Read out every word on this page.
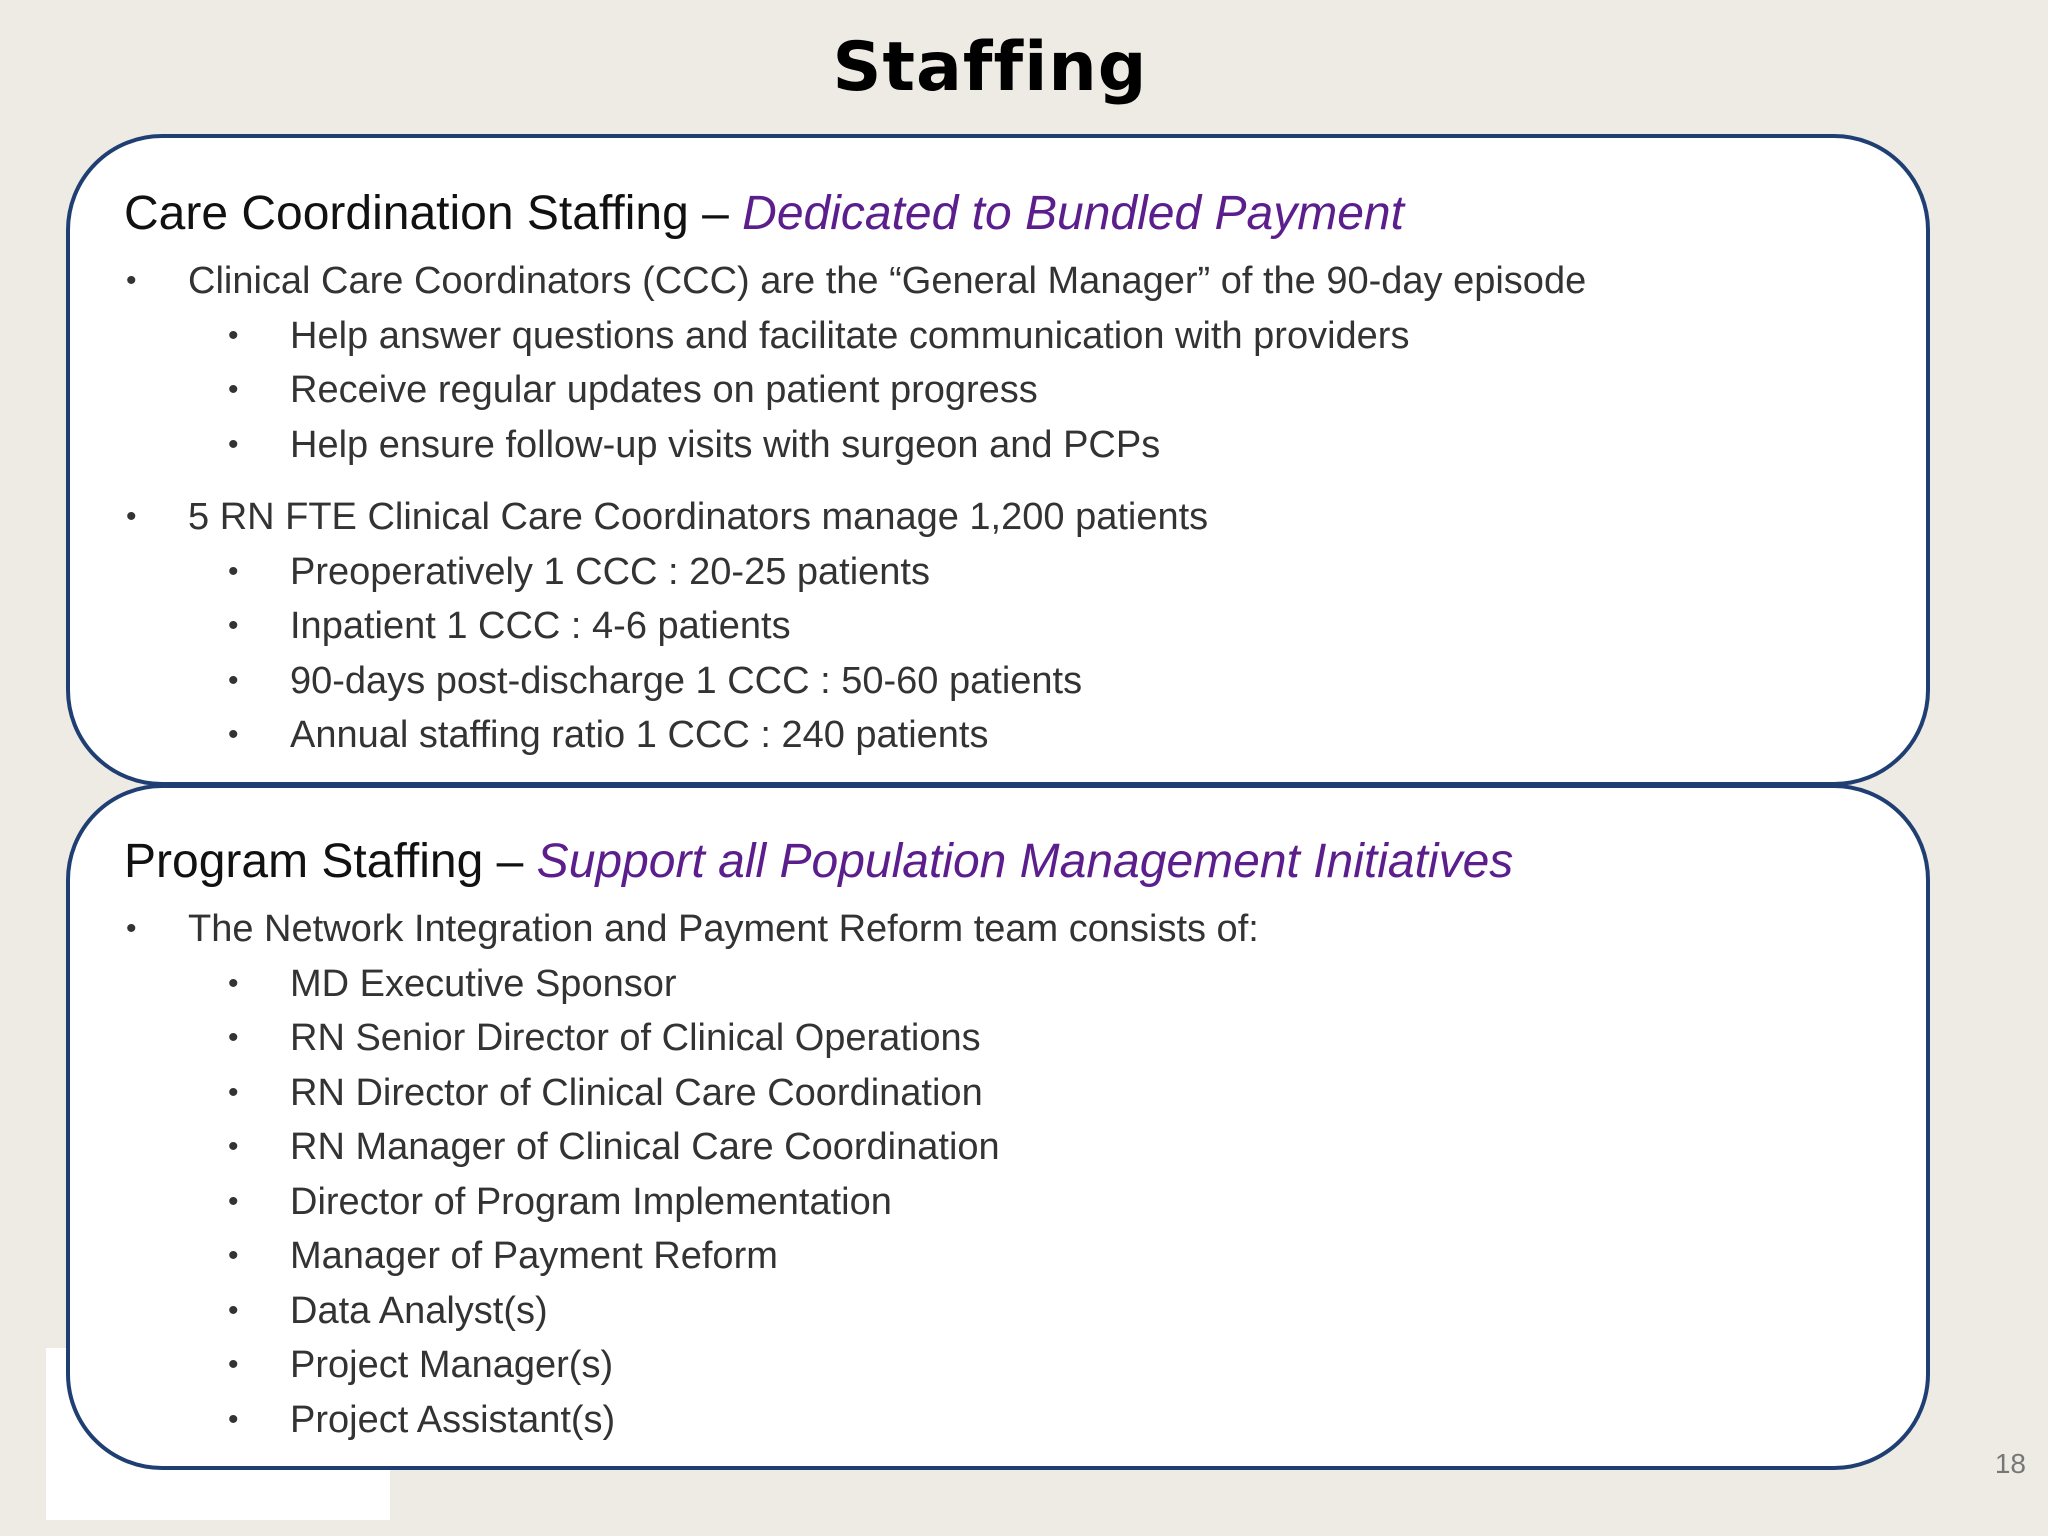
Staffing
Care Coordination Staffing – Dedicated to Bundled Payment
• Clinical Care Coordinators (CCC) are the “General Manager” of the 90-day episode
• Help answer questions and facilitate communication with providers
• Receive regular updates on patient progress
• Help ensure follow-up visits with surgeon and PCPs
• 5 RN FTE Clinical Care Coordinators manage 1,200 patients
• Preoperatively 1 CCC : 20-25 patients
• Inpatient 1 CCC : 4-6 patients
• 90-days post-discharge 1 CCC : 50-60 patients
• Annual staffing ratio 1 CCC : 240 patients
Program Staffing – Support all Population Management Initiatives
• The Network Integration and Payment Reform team consists of:
• MD Executive Sponsor
• RN Senior Director of Clinical Operations
• RN Director of Clinical Care Coordination
• RN Manager of Clinical Care Coordination
• Director of Program Implementation
• Manager of Payment Reform
• Data Analyst(s)
• Project Manager(s)
• Project Assistant(s)
18
